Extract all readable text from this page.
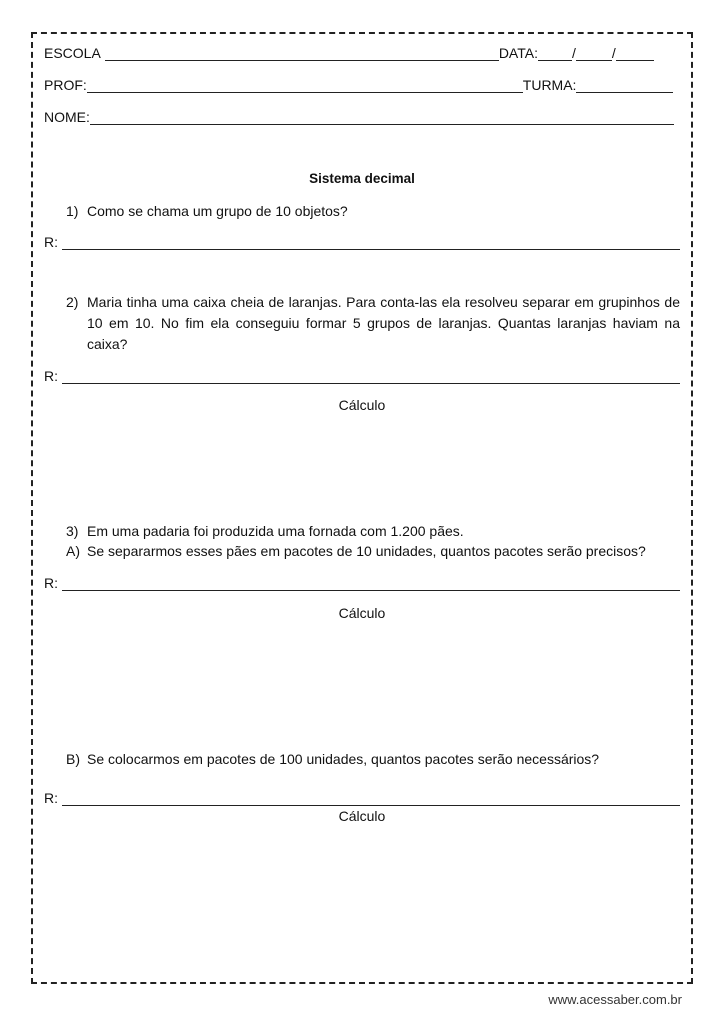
ESCOLA	DATA: /	/
PROF:	TURMA:
NOME:
Sistema decimal
1) Como se chama um grupo de 10 objetos?
R:
2) Maria tinha uma caixa cheia de laranjas. Para conta-las ela resolveu separar em grupinhos de 10 em 10. No fim ela conseguiu formar 5 grupos de laranjas. Quantas laranjas haviam na caixa?
R:
Cálculo
3) Em uma padaria foi produzida uma fornada com 1.200 pães.
A) Se separarmos esses pães em pacotes de 10 unidades, quantos pacotes serão precisos?
R:
Cálculo
B) Se colocarmos em pacotes de 100 unidades, quantos pacotes serão necessários?
R:
Cálculo
www.acessaber.com.br
